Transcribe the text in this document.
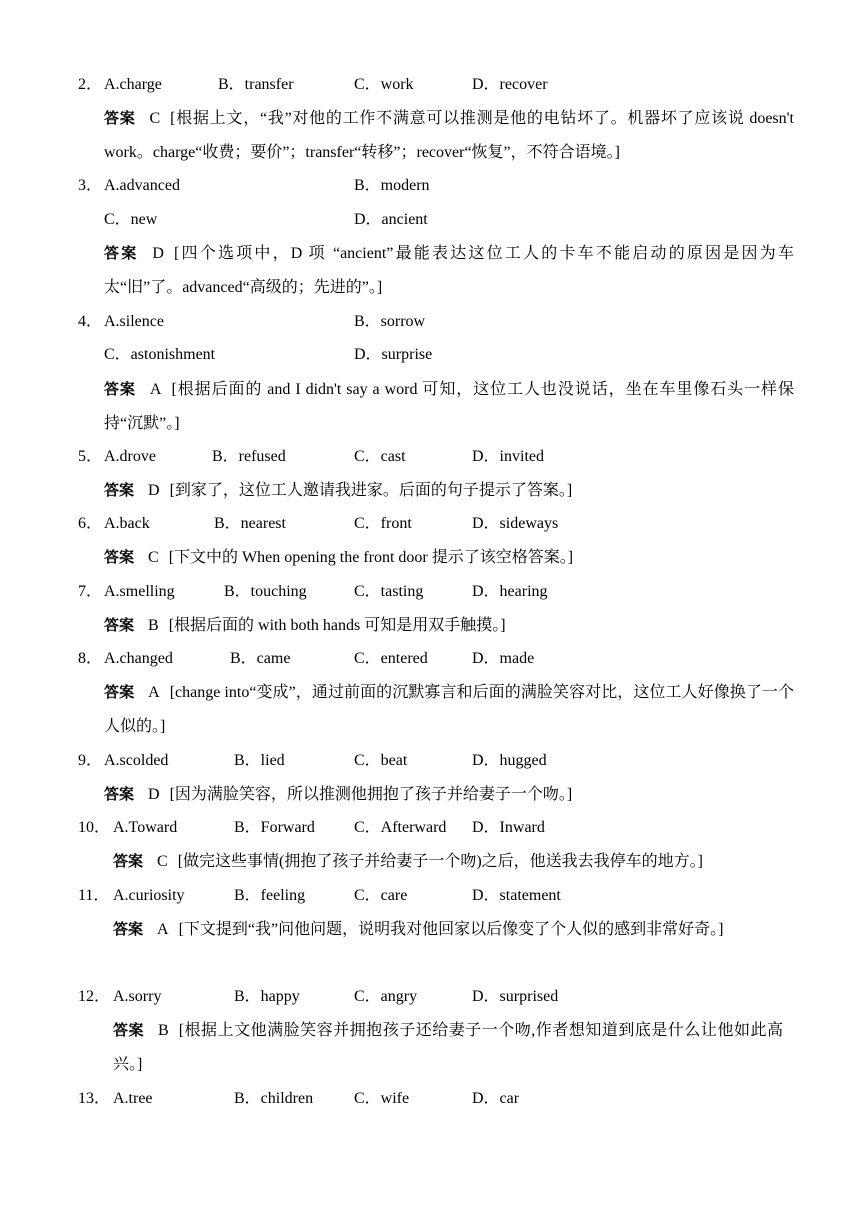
2． A.charge	B．transfer	C．work	D．recover
答案 C [根据上文，“我”对他的工作不满意可以推测是他的电钻坏了。机器坏了应该说 doesn't work。charge“收费；要价”；transfer“转移”；recover“恢复”，不符合语境。]
3． A.advanced	B．modern
C．new	D．ancient
答案 D [四个选项中，D 项 “ancient”最能表达这位工人的卡车不能启动的原因是因为车太“旧”了。advanced“高级的；先进的”。]
4． A.silence	B．sorrow
C．astonishment	D．surprise
答案 A [根据后面的 and I didn't say a word 可知，这位工人也没说话，坐在车里像石头一样保持“沉默”。]
5． A.drove	B．refused	C．cast	D．invited
答案 D [到家了，这位工人邀请我进家。后面的句子提示了答案。]
6． A.back	B．nearest	C．front	D．sideways
答案 C [下文中的 When opening the front door 提示了该空格答案。]
7． A.smelling	B．touching	C．tasting	D．hearing
答案 B [根据后面的 with both hands 可知是用双手触摸。]
8． A.changed	B．came	C．entered	D．made
答案 A [change into“变成”，通过前面的沉默寡言和后面的满脸笑容对比，这位工人好像换了一个人似的。]
9． A.scolded	B．lied	C．beat	D．hugged
答案 D [因为满脸笑容，所以推测他拥抱了孩子并给妻子一个吻。]
10． A.Toward	B．Forward C．Afterward D．Inward
答案 C [做完这些事情(拥抱了孩子并给妻子一个吻)之后，他送我去我停车的地方。]
11． A.curiosity	B．feeling	C．care	D．statement
答案 A [下文提到“我”问他问题，说明我对他回家以后像变了个人似的感到非常好奇。]
12． A.sorry	B．happy	C．angry	D．surprised
答案 B [根据上文他满脸笑容并拥抱孩子还给妻子一个吻,作者想知道到底是什么让他如此高兴。]
13． A.tree	B．children	C．wife	D．car
